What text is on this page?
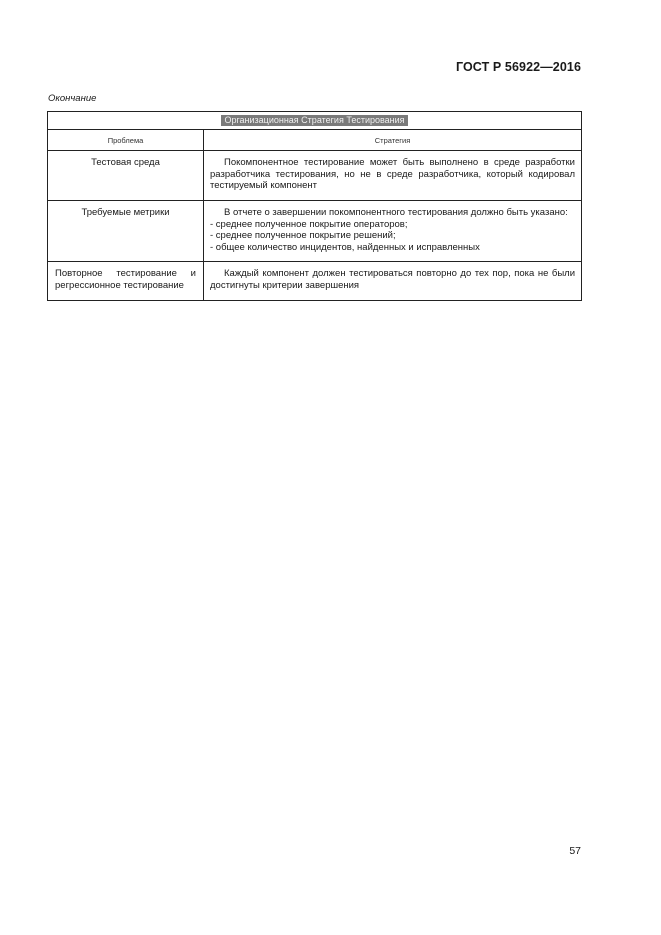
ГОСТ Р 56922—2016
Окончание
Организационная Стратегия Тестирования	
Проблема	Стратегия
Тестовая среда	Покомпонентное тестирование может быть выполнено в среде разработки разработчика тестирования, но не в среде разработчика, который кодировал тестируемый компонент

Требуемые метрики	В отчете о завершении покомпонентного тестирования должно быть указано:

- среднее полученное покрытие операторов;

- среднее полученное покрытие решений;

- общее количество инцидентов, найденных и исправленных

Повторное тестирование и регрессионное тестирование	Каждый компонент должен тестироваться повторно до тех пор, пока не были достигнуты критерии завершения

57
